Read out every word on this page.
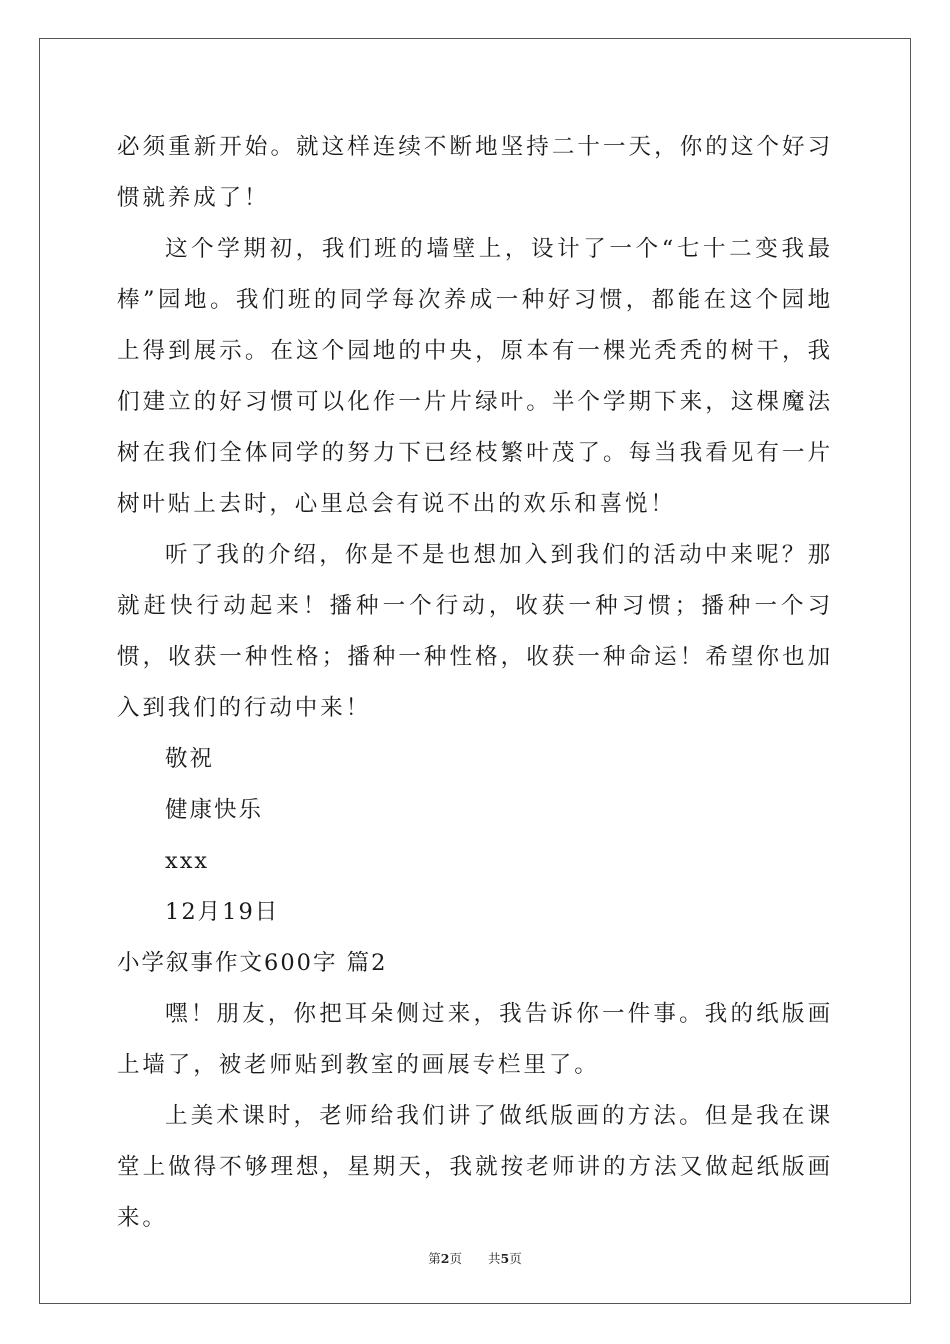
必须重新开始。就这样连续不断地坚持二十一天，你的这个好习惯就养成了！

这个学期初，我们班的墙壁上，设计了一个“七十二变我最棒”园地。我们班的同学每次养成一种好习惯，都能在这个园地上得到展示。在这个园地的中央，原本有一棵光秃秃的树干，我们建立的好习惯可以化作一片片绿叶。半个学期下来，这棵魔法树在我们全体同学的努力下已经枝繁叶茂了。每当我看见有一片树叶贴上去时，心里总会有说不出的欢乐和喜悦！

听了我的介绍，你是不是也想加入到我们的活动中来呢？那就赶快行动起来！播种一个行动，收获一种习惯；播种一个习惯，收获一种性格；播种一种性格，收获一种命运！希望你也加入到我们的行动中来！

敬祝

健康快乐

xxx

12月19日

小学叙事作文600字 篇2

嘿！朋友，你把耳朵侧过来，我告诉你一件事。我的纸版画上墙了，被老师贴到教室的画展专栏里了。

上美术课时，老师给我们讲了做纸版画的方法。但是我在课堂上做得不够理想，星期天，我就按老师讲的方法又做起纸版画来。

第2页 共5页
